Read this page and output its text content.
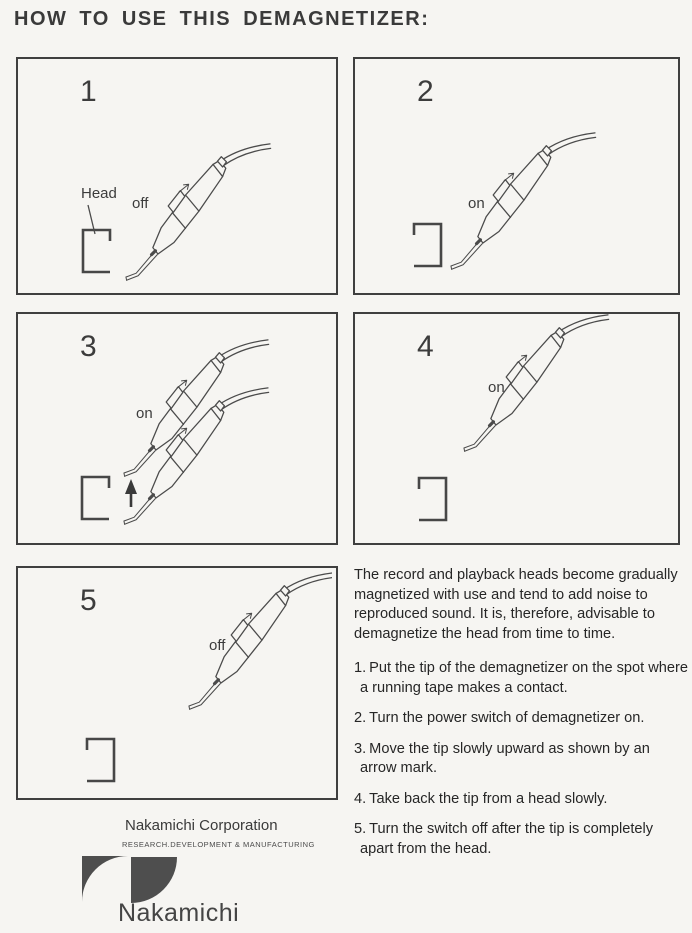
HOW TO USE THIS DEMAGNETIZER:
1
Head
off
2
on
3
on
4
on
5
off

The record and playback heads become gradually magnetized with use and tend to add noise to reproduced sound. It is, therefore, advisable to demagnetize the head from time to time.

1. Put the tip of the demagnetizer on the spot where a running tape makes a contact.

2. Turn the power switch of demagnetizer on.

3. Move the tip slowly upward as shown by an arrow mark.

4. Take back the tip from a head slowly.

5. Turn the switch off after the tip is completely apart from the head.

Nakamichi Corporation
RESEARCH.DEVELOPMENT & MANUFACTURING
Nakamichi
